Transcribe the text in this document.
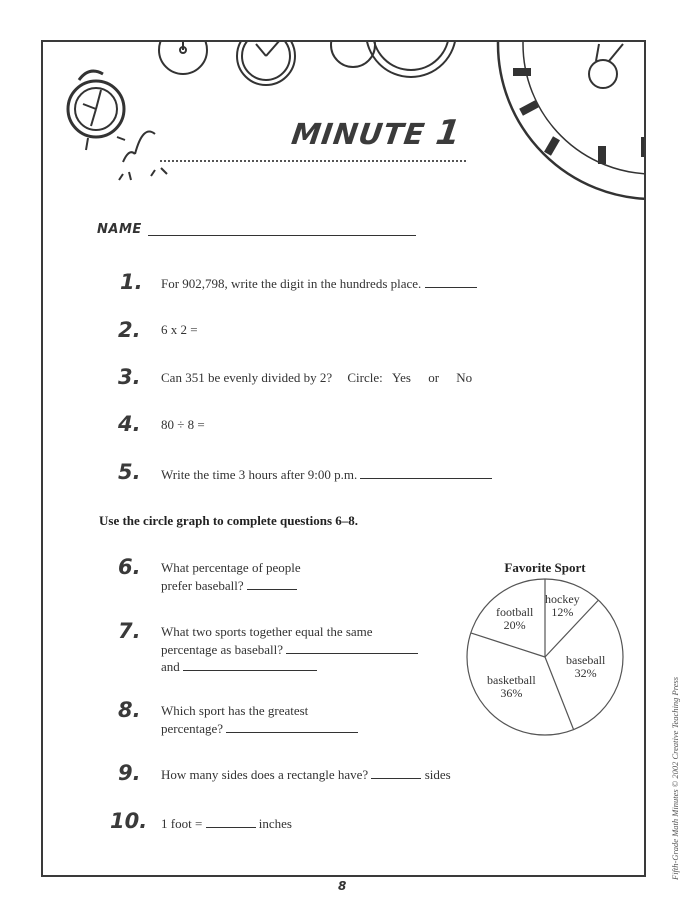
MINUTE 1
NAME
1. For 902,798, write the digit in the hundreds place.
2. 6 x 2 =
3. Can 351 be evenly divided by 2? Circle: Yes or No
4. 80 ÷ 8 =
5. Write the time 3 hours after 9:00 p.m.
Use the circle graph to complete questions 6–8.
6. What percentage of people
prefer baseball?
7. What two sports together equal the same
percentage as baseball?
and
8. Which sport has the greatest
percentage?
9. How many sides does a rectangle have?	sides
10. 1 foot =	inches
Favorite Sport
hockey
12%
baseball
32%
basketball
36%
football
20%
8
Fifth-Grade Math Minutes © 2002 Creative Teaching Press
